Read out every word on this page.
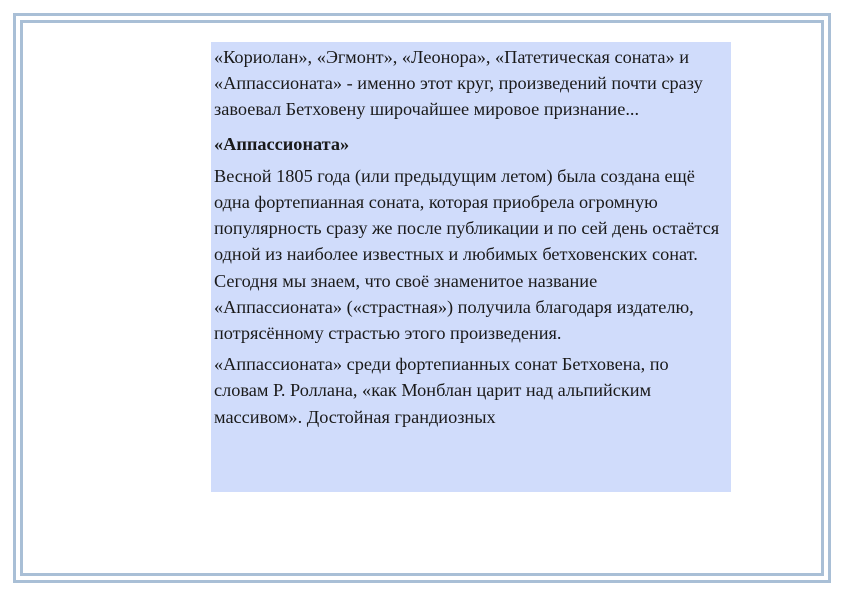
«Кориолан», «Эгмонт», «Леонора», «Патетическая соната» и «Аппассионата» - именно этот круг, произведений почти сразу завоевал Бетховену широчайшее мировое признание...

«Аппассионата»

Весной 1805 года (или предыдущим летом) была создана ещё одна фортепианная соната, которая приобрела огромную популярность сразу же после публикации и по сей день остаётся одной из наиболее известных и любимых бетховенских сонат. Сегодня мы знаем, что своё знаменитое название «Аппассионата» («страстная») получила благодаря издателю, потрясённому страстью этого произведения.

«Аппассионата» среди фортепианных сонат Бетховена, по словам Р. Роллана, «как Монблан царит над альпийским массивом». Достойная грандиозных
